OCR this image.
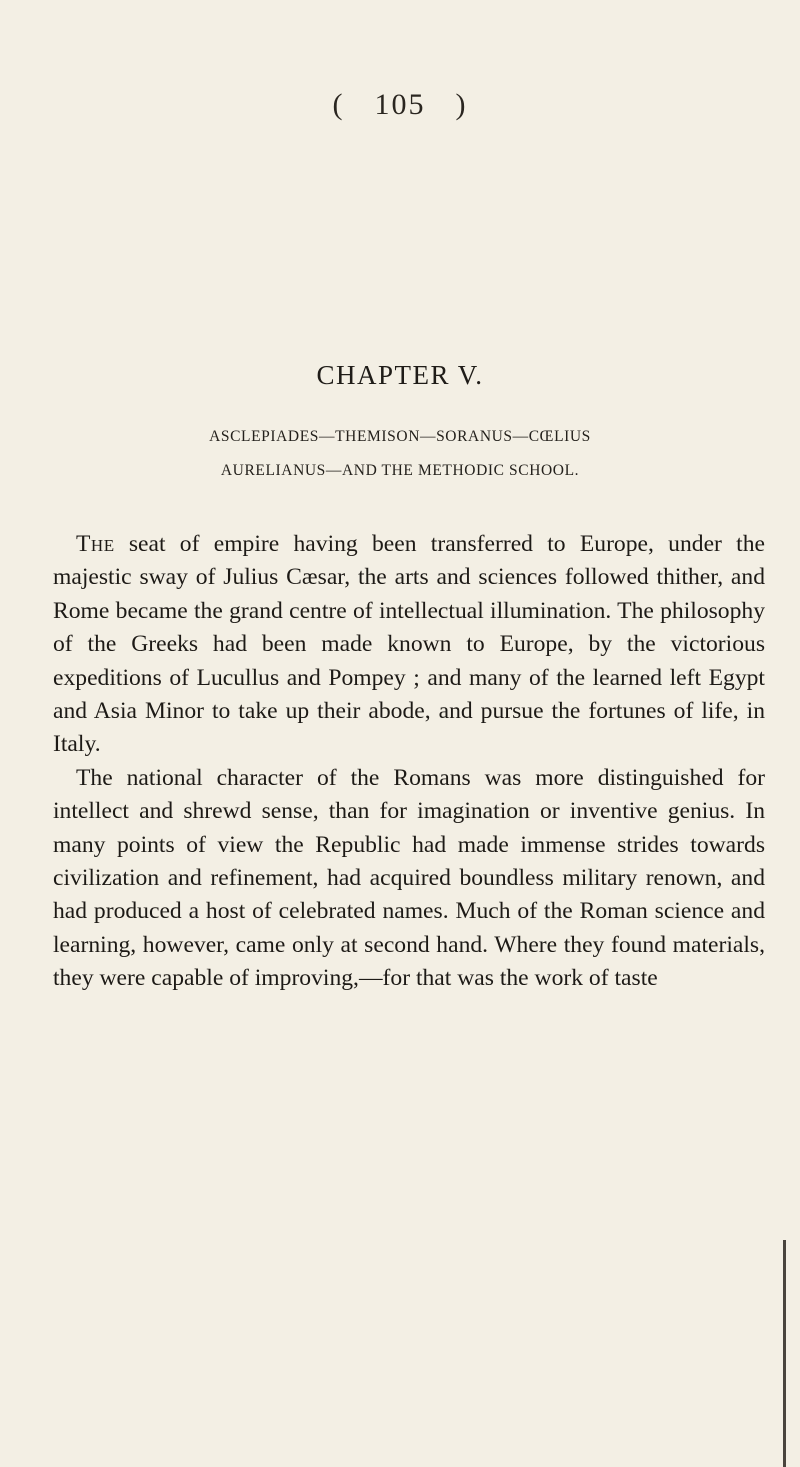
( 105 )
CHAPTER V.
ASCLEPIADES—THEMISON—SORANUS—CŒLIUS
AURELIANUS—AND THE METHODIC SCHOOL.

The seat of empire having been transferred to Europe, under the majestic sway of Julius Cæsar, the arts and sciences followed thither, and Rome became the grand centre of intellectual illumination. The philosophy of the Greeks had been made known to Europe, by the victorious expeditions of Lucullus and Pompey ; and many of the learned left Egypt and Asia Minor to take up their abode, and pursue the fortunes of life, in Italy.

The national character of the Romans was more distinguished for intellect and shrewd sense, than for imagination or inventive genius. In many points of view the Republic had made immense strides towards civilization and refinement, had acquired boundless military renown, and had produced a host of celebrated names. Much of the Roman science and learning, however, came only at second hand. Where they found materials, they were capable of improving,—for that was the work of taste
